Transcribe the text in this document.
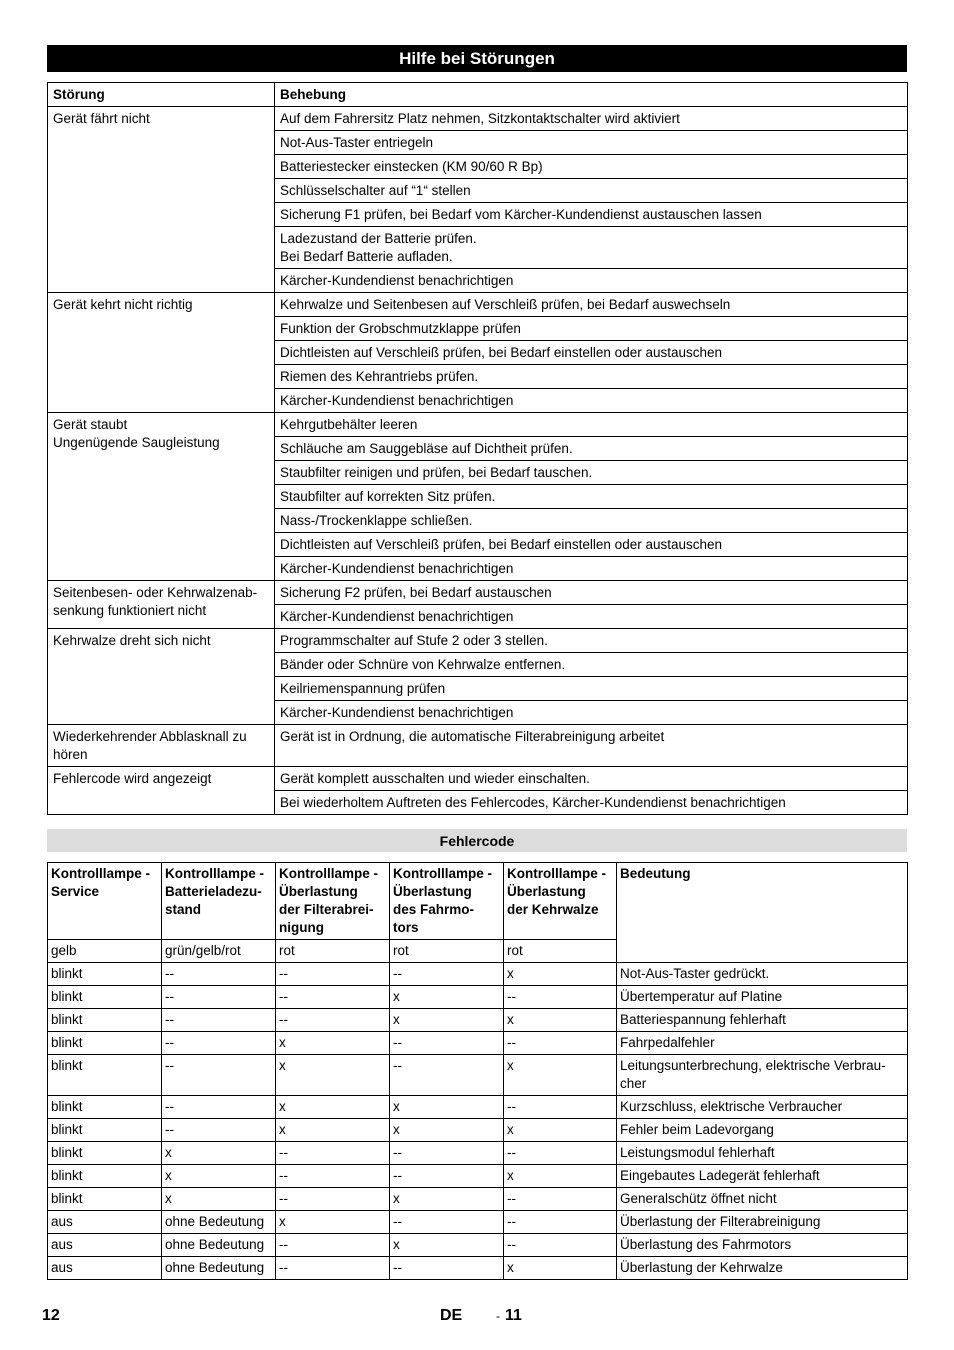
Hilfe bei Störungen
Störung	Behebung
Gerät fährt nicht	Auf dem Fahrersitz Platz nehmen, Sitzkontaktschalter wird aktiviert
	Not-Aus-Taster entriegeln
	Batteriestecker einstecken (KM 90/60 R Bp)
	Schlüsselschalter auf “1“ stellen
	Sicherung F1 prüfen, bei Bedarf vom Kärcher-Kundendienst austauschen lassen
	Ladezustand der Batterie prüfen.
Bei Bedarf Batterie aufladen.
	Kärcher-Kundendienst benachrichtigen
Gerät kehrt nicht richtig	Kehrwalze und Seitenbesen auf Verschleiß prüfen, bei Bedarf auswechseln
	Funktion der Grobschmutzklappe prüfen
	Dichtleisten auf Verschleiß prüfen, bei Bedarf einstellen oder austauschen
	Riemen des Kehrantriebs prüfen.
	Kärcher-Kundendienst benachrichtigen
Gerät staubt
Ungenügende Saugleistung	Kehrgutbehälter leeren
	Schläuche am Sauggebläse auf Dichtheit prüfen.
	Staubfilter reinigen und prüfen, bei Bedarf tauschen.
	Staubfilter auf korrekten Sitz prüfen.
	Nass-/Trockenklappe schließen.
	Dichtleisten auf Verschleiß prüfen, bei Bedarf einstellen oder austauschen
	Kärcher-Kundendienst benachrichtigen
Seitenbesen- oder Kehrwalzenab-
senkung funktioniert nicht	Sicherung F2 prüfen, bei Bedarf austauschen
	Kärcher-Kundendienst benachrichtigen
Kehrwalze dreht sich nicht	Programmschalter auf Stufe 2 oder 3 stellen.
	Bänder oder Schnüre von Kehrwalze entfernen.
	Keilriemenspannung prüfen
	Kärcher-Kundendienst benachrichtigen
Wiederkehrender Abblasknall zu
hören	Gerät ist in Ordnung, die automatische Filterabreinigung arbeitet
Fehlercode wird angezeigt	Gerät komplett ausschalten und wieder einschalten.
	Bei wiederholtem Auftreten des Fehlercodes, Kärcher-Kundendienst benachrichtigen
Fehlercode
Kontrolllampe -
Service	Kontrolllampe -
Batterieladezu-
stand	Kontrolllampe -
Überlastung
der Filterabrei-
nigung	Kontrolllampe -
Überlastung
des Fahrmo-
tors	Kontrolllampe -
Überlastung
der Kehrwalze	Bedeutung
gelb	grün/gelb/rot	rot	rot	rot	
blinkt	--	--	--	x	Not-Aus-Taster gedrückt.
blinkt	--	--	x	--	Übertemperatur auf Platine
blinkt	--	--	x	x	Batteriespannung fehlerhaft
blinkt	--	x	--	--	Fahrpedalfehler
blinkt	--	x	--	x	Leitungsunterbrechung, elektrische Verbrau-
cher
blinkt	--	x	x	--	Kurzschluss, elektrische Verbraucher
blinkt	--	x	x	x	Fehler beim Ladevorgang
blinkt	x	--	--	--	Leistungsmodul fehlerhaft
blinkt	x	--	--	x	Eingebautes Ladegerät fehlerhaft
blinkt	x	--	x	--	Generalschütz öffnet nicht
aus	ohne Bedeutung	x	--	--	Überlastung der Filterabreinigung
aus	ohne Bedeutung	--	x	--	Überlastung des Fahrmotors
aus	ohne Bedeutung	--	--	x	Überlastung der Kehrwalze
12	DE	- 11
